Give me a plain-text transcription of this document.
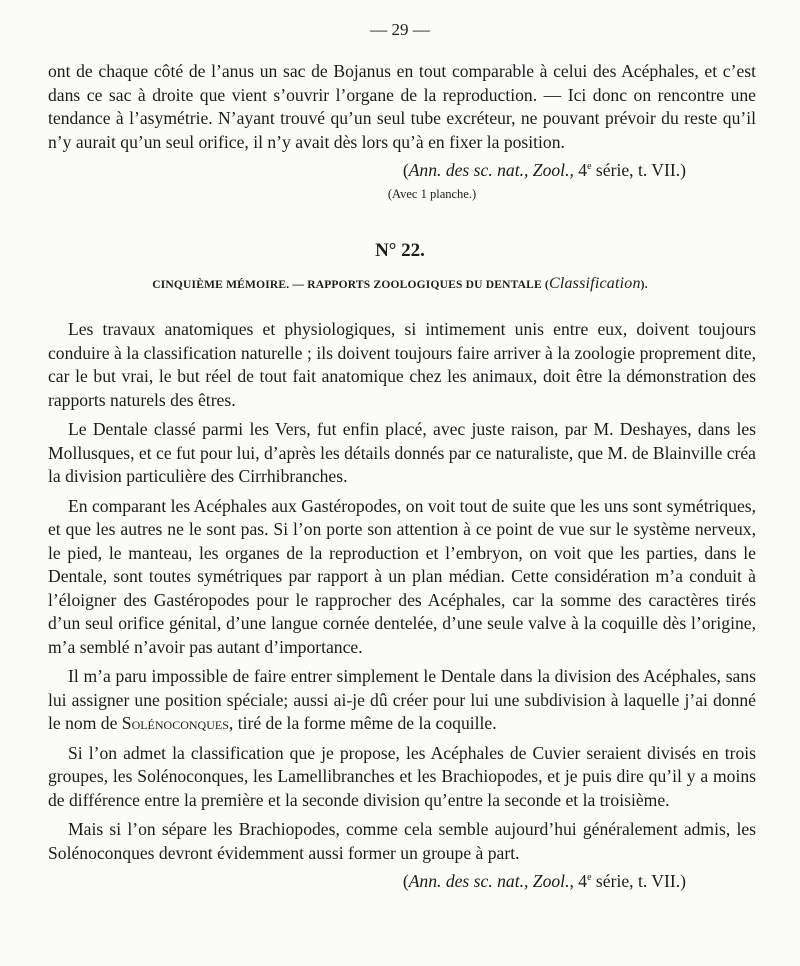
— 29 —

ont de chaque côté de l’anus un sac de Bojanus en tout comparable à celui des Acéphales, et c’est dans ce sac à droite que vient s’ouvrir l’organe de la reproduction. — Ici donc on rencontre une tendance à l’asymétrie. N’ayant trouvé qu’un seul tube excréteur, ne pouvant prévoir du reste qu’il n’y aurait qu’un seul orifice, il n’y avait dès lors qu’à en fixer la position.

(Ann. des sc. nat., Zool., 4e série, t. VII.)
(Avec 1 planche.)
N° 22.
CINQUIÈME MÉMOIRE. — RAPPORTS ZOOLOGIQUES DU DENTALE (Classification).

Les travaux anatomiques et physiologiques, si intimement unis entre eux, doivent toujours conduire à la classification naturelle ; ils doivent toujours faire arriver à la zoologie proprement dite, car le but vrai, le but réel de tout fait anatomique chez les animaux, doit être la démonstration des rapports naturels des êtres.

Le Dentale classé parmi les Vers, fut enfin placé, avec juste raison, par M. Deshayes, dans les Mollusques, et ce fut pour lui, d’après les détails donnés par ce naturaliste, que M. de Blainville créa la division particulière des Cirrhibranches.

En comparant les Acéphales aux Gastéropodes, on voit tout de suite que les uns sont symétriques, et que les autres ne le sont pas. Si l’on porte son attention à ce point de vue sur le système nerveux, le pied, le manteau, les organes de la reproduction et l’embryon, on voit que les parties, dans le Dentale, sont toutes symétriques par rapport à un plan médian. Cette considération m’a conduit à l’éloigner des Gastéropodes pour le rapprocher des Acéphales, car la somme des caractères tirés d’un seul orifice génital, d’une langue cornée dentelée, d’une seule valve à la coquille dès l’origine, m’a semblé n’avoir pas autant d’importance.

Il m’a paru impossible de faire entrer simplement le Dentale dans la division des Acéphales, sans lui assigner une position spéciale; aussi ai-je dû créer pour lui une subdivision à laquelle j’ai donné le nom de Solénoconques, tiré de la forme même de la coquille.

Si l’on admet la classification que je propose, les Acéphales de Cuvier seraient divisés en trois groupes, les Solénoconques, les Lamellibranches et les Brachiopodes, et je puis dire qu’il y a moins de différence entre la première et la seconde division qu’entre la seconde et la troisième.

Mais si l’on sépare les Brachiopodes, comme cela semble aujourd’hui généralement admis, les Solénoconques devront évidemment aussi former un groupe à part.

(Ann. des sc. nat., Zool., 4e série, t. VII.)
